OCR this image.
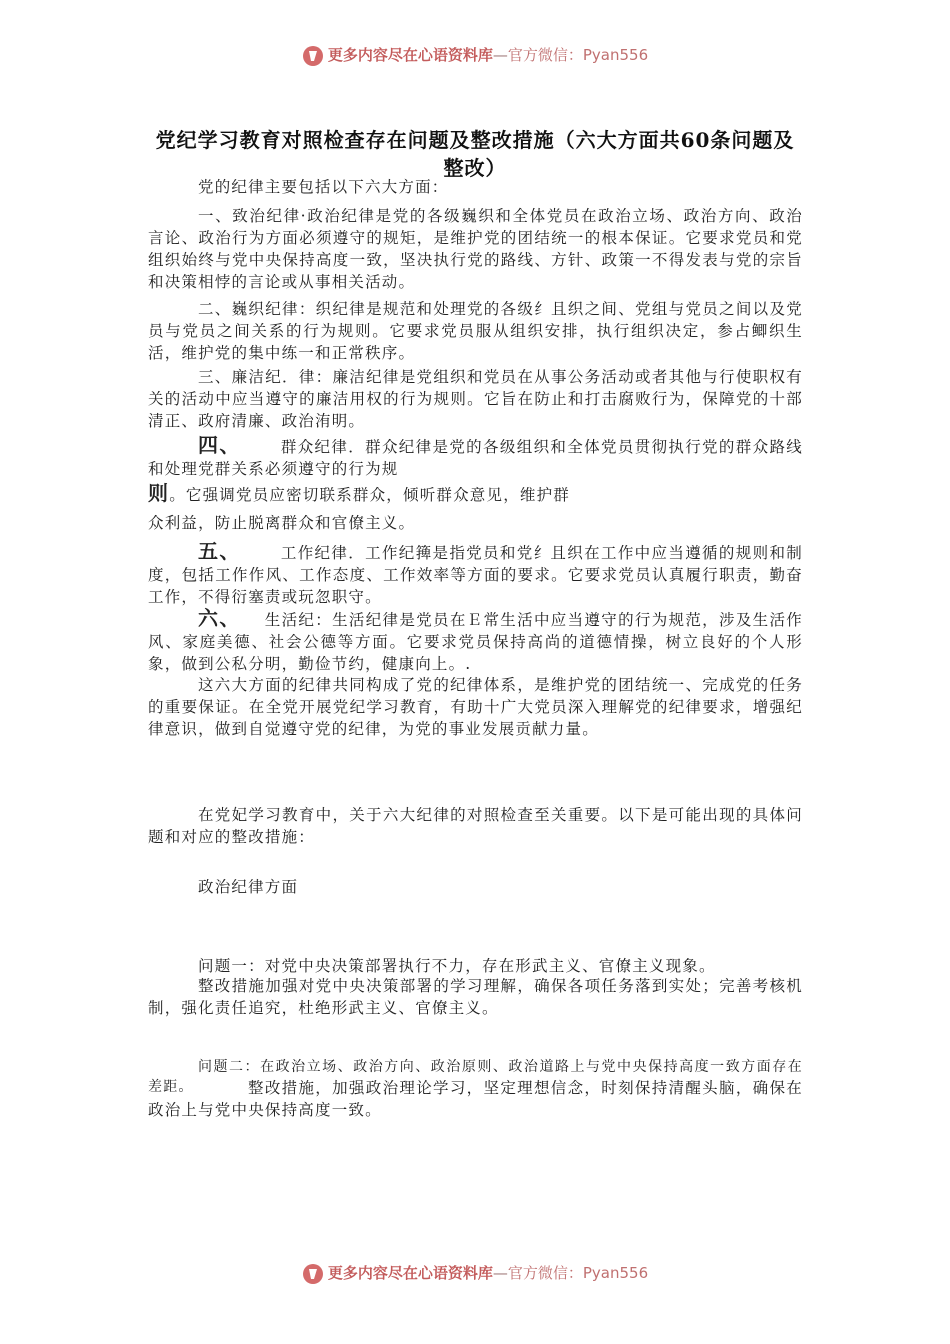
更多内容尽在心语资料库—官方微信：Pyan556
党纪学习教育对照检查存在问题及整改措施（六大方面共60条问题及整改）
党的纪律主要包括以下六大方面：
一、致治纪律·政治纪律是党的各级巍织和全体党员在政治立场、政治方向、政治言论、政治行为方面必须遵守的规矩，是维护党的团结统一的根本保证。它要求党员和党组织始终与党中央保持高度一致，坚决执行党的路线、方针、政策一不得发表与党的宗旨和决策相悖的言论或从事相关活动。
二、巍织纪律：织纪律是规范和处理党的各级纟且织之间、党组与党员之间以及党员与党员之间关系的行为规则。它要求党员服从组织安排，执行组织决定，参占鲫织生活，维护党的集中练一和正常秩序。
三、廉洁纪．律：廉洁纪律是党组织和党员在从事公务活动或者其他与行使职权有关的活动中应当遵守的廉洁用权的行为规则。它旨在防止和打击腐败行为，保障党的十部清正、政府清廉、政治洧明。
四、	群众纪律．群众纪律是党的各级组织和全体党员贯彻执行党的群众路线和处理党群关系必须遵守的行为规
则。它强调党员应密切联系群众，倾听群众意见，维护群
众利益，防止脱离群众和官僚主义。
五、	工作纪律．工作纪篺是指党员和党纟且织在工作中应当遵循的规则和制度，包括工作作风、工作态度、工作效率等方面的要求。它要求党员认真履行职责，勤奋工作，不得衍塞责或玩忽职守。
六、 生活纪：生活纪律是党员在Ｅ常生活中应当遵守的行为规范，涉及生活作风、家庭美德、社会公德等方面。它要求党员保持高尚的道德情操，树立良好的个人形象，做到公私分明，勤俭节约，健康向上。.
这六大方面的纪律共同构成了党的纪律体系，是维护党的团结统一、完成党的任务的重要保证。在全党开展党纪学习教育，有助十广大党员深入理解党的纪律要求，增强纪律意识，做到自觉遵守党的纪律，为党的事业发展贡献力量。
在党妃学习教育中，关于六大纪律的对照检查至关重要。以下是可能出现的具体问题和对应的整改措施：
政治纪律方面
问题一：对党中央决策部署执行不力，存在形武主义、官僚主义现象。
整改措施加强对党中央决策部署的学习理解，确保各项任务落到实处；完善考核机制，强化责任追究，杜绝形武主义、官僚主义。
问题二：在政治立场、政治方向、政治原则、政治道路上与党中央保持高度一致方面存在差距。	整改措施，加强政治理论学习，坚定理想信念，时刻保持清醒头脑，确保在政治上与党中央保持高度一致。
更多内容尽在心语资料库—官方微信：Pyan556
